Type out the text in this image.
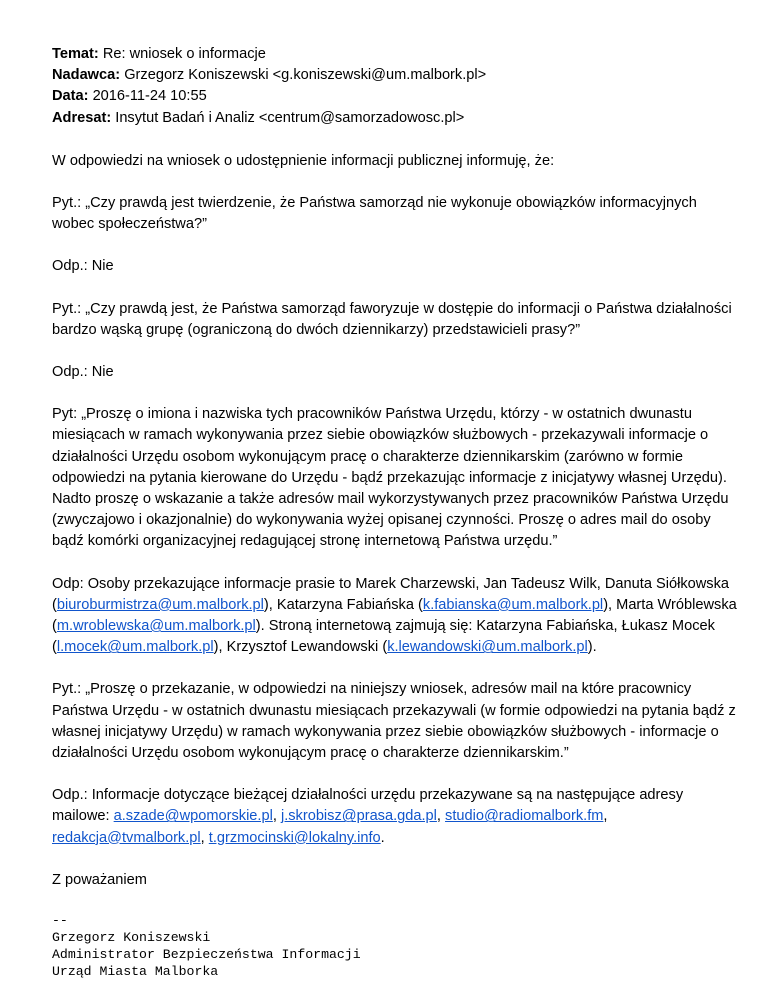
Temat: Re: wniosek o informacje

Nadawca: Grzegorz Koniszewski <g.koniszewski@um.malbork.pl>

Data: 2016-11-24 10:55

Adresat: Insytut Badań i Analiz <centrum@samorzadowosc.pl>

W odpowiedzi na wniosek o udostępnienie informacji publicznej informuję, że:

Pyt.: „Czy prawdą jest twierdzenie, że Państwa samorząd nie wykonuje obowiązków informacyjnych wobec społeczeństwa?”

Odp.: Nie

Pyt.: „Czy prawdą jest, że Państwa samorząd faworyzuje w dostępie do informacji o Państwa działalności bardzo wąską grupę (ograniczoną do dwóch dziennikarzy) przedstawicieli prasy?”

Odp.: Nie

Pyt: „Proszę o imiona i nazwiska tych pracowników Państwa Urzędu, którzy - w ostatnich dwunastu miesiącach w ramach wykonywania przez siebie obowiązków służbowych - przekazywali informacje o działalności Urzędu osobom wykonującym pracę o charakterze dziennikarskim (zarówno w formie odpowiedzi na pytania kierowane do Urzędu - bądź przekazując informacje z inicjatywy własnej Urzędu). Nadto proszę o wskazanie a także adresów mail wykorzystywanych przez pracowników Państwa Urzędu (zwyczajowo i okazjonalnie) do wykonywania wyżej opisanej czynności. Proszę o adres mail do osoby bądź komórki organizacyjnej redagującej stronę internetową Państwa urzędu.”

Odp: Osoby przekazujące informacje prasie to Marek Charzewski, Jan Tadeusz Wilk, Danuta Siółkowska (biuroburmistrza@um.malbork.pl), Katarzyna Fabiańska (k.fabianska@um.malbork.pl), Marta Wróblewska (m.wroblewska@um.malbork.pl). Stroną internetową zajmują się: Katarzyna Fabiańska, Łukasz Mocek (l.mocek@um.malbork.pl), Krzysztof Lewandowski (k.lewandowski@um.malbork.pl).

Pyt.: „Proszę o przekazanie, w odpowiedzi na niniejszy wniosek, adresów mail na które pracownicy Państwa Urzędu - w ostatnich dwunastu miesiącach przekazywali (w formie odpowiedzi na pytania bądź z własnej inicjatywy Urzędu) w ramach wykonywania przez siebie obowiązków służbowych - informacje o działalności Urzędu osobom wykonującym pracę o charakterze dziennikarskim.”

Odp.: Informacje dotyczące bieżącej działalności urzędu przekazywane są na następujące adresy mailowe: a.szade@wpomorskie.pl, j.skrobisz@prasa.gda.pl, studio@radiomalbork.fm, redakcja@tvmalbork.pl, t.grzmocinski@lokalny.info.

Z poważaniem

--
Grzegorz Koniszewski
Administrator Bezpieczeństwa Informacji
Urząd Miasta Malborka
